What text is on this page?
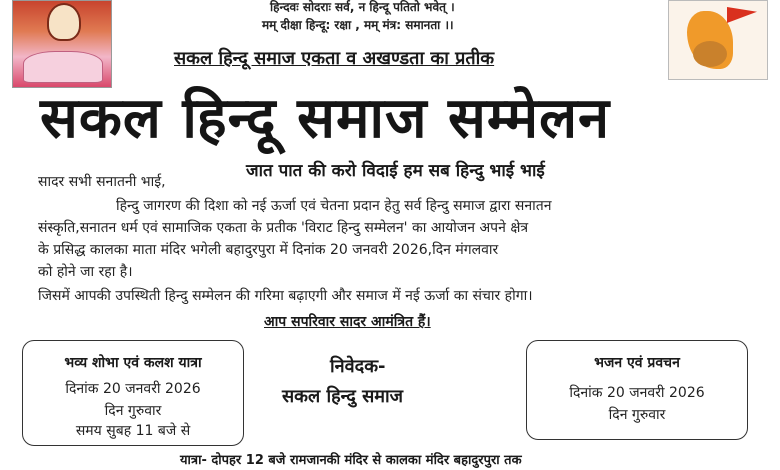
हिन्दवः सोदराः सर्व, न हिन्दू पतितो भवेत् ।
मम् दीक्षा हिन्दू: रक्षा , मम् मंत्र: समानता ।।
सकल हिन्दू समाज एकता व अखण्डता का प्रतीक
सकल हिन्दू समाज सम्मेलन
सादर सभी सनातनी भाई,
जात पात की करो विदाई हम सब हिन्दु भाई भाई
हिन्दु जागरण की दिशा को नई ऊर्जा एवं चेतना प्रदान हेतु सर्व हिन्दु समाज द्वारा सनातन
संस्कृति,सनातन धर्म एवं सामाजिक एकता के प्रतीक 'विराट हिन्दु सम्मेलन' का आयोजन अपने क्षेत्र
के प्रसिद्ध कालका माता मंदिर भगेली बहादुरपुरा में दिनांक 20 जनवरी 2026,दिन मंगलवार
को होने जा रहा है।
जिसमें आपकी उपस्थिती हिन्दु सम्मेलन की गरिमा बढ़ाएगी और समाज में नई ऊर्जा का संचार होगा।
आप सपरिवार सादर आमंत्रित हैं।
भव्य शोभा एवं कलश यात्रा
दिनांक 20 जनवरी 2026
दिन गुरुवार
समय सुबह 11 बजे से
निवेदक-
सकल हिन्दु समाज
भजन एवं प्रवचन
दिनांक 20 जनवरी 2026
दिन गुरुवार
यात्रा- दोपहर 12 बजे रामजानकी मंदिर से कालका मंदिर बहादुरपुरा तक
